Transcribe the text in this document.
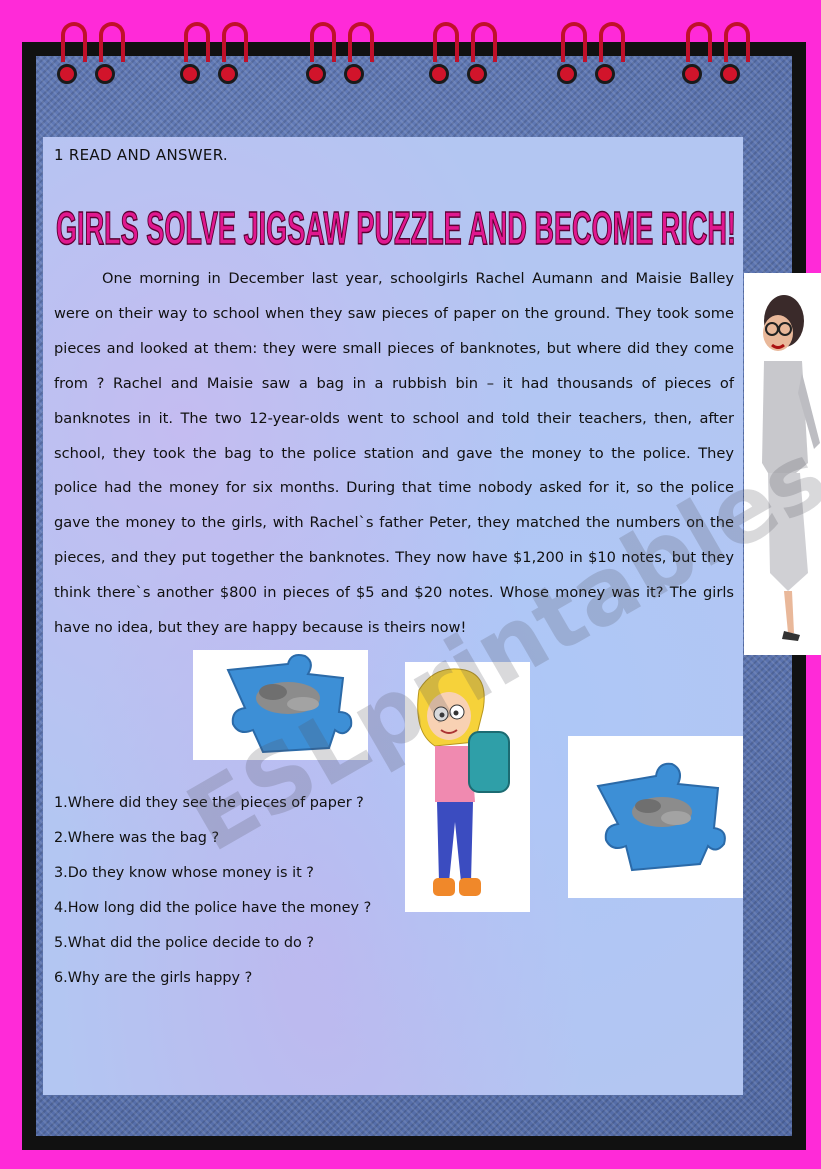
1 READ AND ANSWER.
GIRLS SOLVE JIGSAW PUZZLE AND BECOME RICH!

One morning in December last year, schoolgirls Rachel Aumann and Maisie Balley were on their way to school when they saw pieces of paper on the ground. They took some pieces and looked at them: they were small pieces of banknotes, but where did they come from ? Rachel and Maisie saw a bag in a rubbish bin – it had thousands of pieces of banknotes in it. The two 12-year-olds went to school and told their teachers, then, after school, they took the bag to the police station and gave the money to the police. They police had the money for six months. During that time nobody asked for it, so the police gave the money to the girls, with Rachel`s father Peter, they matched the numbers on the pieces, and they put together the banknotes. They now have $1,200 in $10 notes, but they think there`s another $800 in pieces of $5 and $20 notes. Whose money was it? The girls have no idea, but they are happy because is theirs now!

1.Where did they see the pieces of paper ?
2.Where was the bag ?
3.Do they know whose money is it ?
4.How long did the police have the money ?
5.What did the police decide to do ?
6.Why are the girls happy ?
